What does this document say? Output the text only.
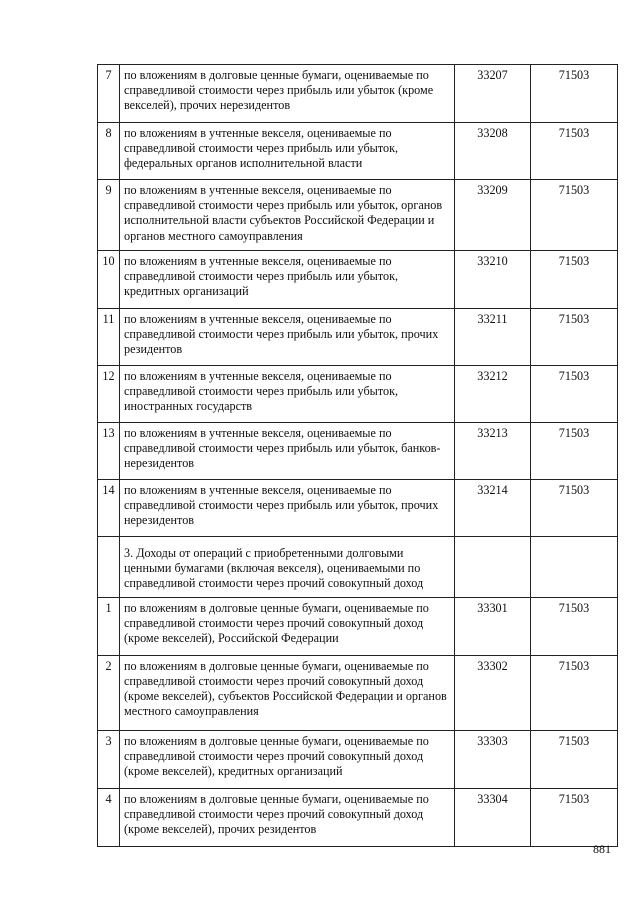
7	по вложениям в долговые ценные бумаги, оцениваемые по справедливой стоимости через прибыль или убыток (кроме векселей), прочих нерезидентов	33207	71503
8	по вложениям в учтенные векселя, оцениваемые по справедливой стоимости через прибыль или убыток, федеральных органов исполнительной власти	33208	71503
9	по вложениям в учтенные векселя, оцениваемые по справедливой стоимости через прибыль или убыток, органов исполнительной власти субъектов Российской Федерации и органов местного самоуправления	33209	71503
10	по вложениям в учтенные векселя, оцениваемые по справедливой стоимости через прибыль или убыток, кредитных организаций	33210	71503
11	по вложениям в учтенные векселя, оцениваемые по справедливой стоимости через прибыль или убыток, прочих резидентов	33211	71503
12	по вложениям в учтенные векселя, оцениваемые по справедливой стоимости через прибыль или убыток, иностранных государств	33212	71503
13	по вложениям в учтенные векселя, оцениваемые по справедливой стоимости через прибыль или убыток, банков-нерезидентов	33213	71503
14	по вложениям в учтенные векселя, оцениваемые по справедливой стоимости через прибыль или убыток, прочих нерезидентов	33214	71503
	3. Доходы от операций с приобретенными долговыми ценными бумагами (включая векселя), оцениваемыми по справедливой стоимости через прочий совокупный доход		
1	по вложениям в долговые ценные бумаги, оцениваемые по справедливой стоимости через прочий совокупный доход (кроме векселей), Российской Федерации	33301	71503
2	по вложениям в долговые ценные бумаги, оцениваемые по справедливой стоимости через прочий совокупный доход (кроме векселей), субъектов Российской Федерации и органов местного самоуправления	33302	71503
3	по вложениям в долговые ценные бумаги, оцениваемые по справедливой стоимости через прочий совокупный доход (кроме векселей), кредитных организаций	33303	71503
4	по вложениям в долговые ценные бумаги, оцениваемые по справедливой стоимости через прочий совокупный доход (кроме векселей), прочих резидентов	33304	71503
881
